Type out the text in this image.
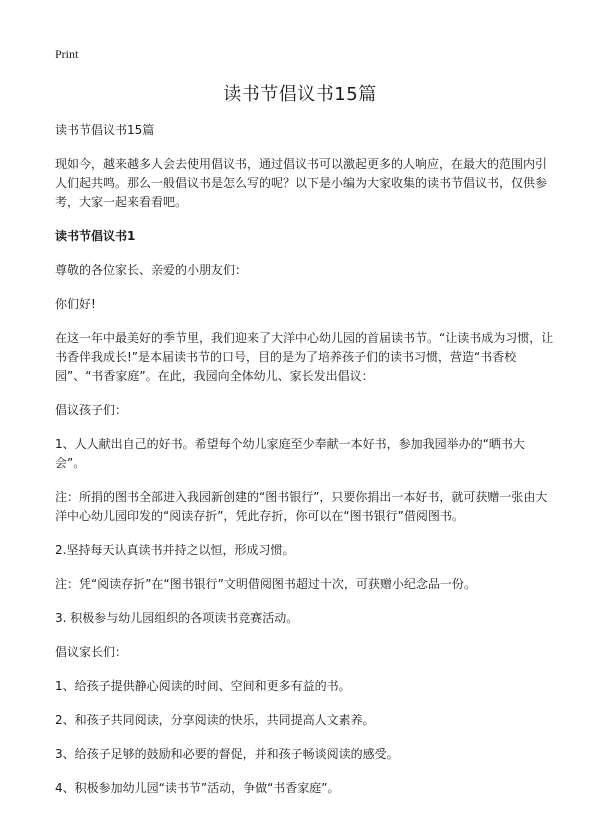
Print
读书节倡议书15篇

读书节倡议书15篇

现如今，越来越多人会去使用倡议书，通过倡议书可以激起更多的人响应，在最大的范围内引人们起共鸣。那么一般倡议书是怎么写的呢？以下是小编为大家收集的读书节倡议书，仅供参考，大家一起来看看吧。

读书节倡议书1

尊敬的各位家长、亲爱的小朋友们：

你们好!

在这一年中最美好的季节里，我们迎来了大洋中心幼儿园的首届读书节。“让读书成为习惯，让书香伴我成长!”是本届读书节的口号，目的是为了培养孩子们的读书习惯，营造“书香校园”、“书香家庭”。在此，我园向全体幼儿、家长发出倡议：

倡议孩子们：

1、人人献出自己的好书。希望每个幼儿家庭至少奉献一本好书，参加我园举办的“晒书大会”。

注：所捐的图书全部进入我园新创建的“图书银行”，只要你捐出一本好书，就可获赠一张由大洋中心幼儿园印发的“阅读存折”，凭此存折，你可以在“图书银行”借阅图书。

2.坚持每天认真读书并持之以恒，形成习惯。

注：凭“阅读存折”在“图书银行”文明借阅图书超过十次，可获赠小纪念品一份。

3. 积极参与幼儿园组织的各项读书竞赛活动。

倡议家长们：

1、给孩子提供静心阅读的时间、空间和更多有益的书。

2、和孩子共同阅读，分享阅读的快乐，共同提高人文素养。

3、给孩子足够的鼓励和必要的督促，并和孩子畅谈阅读的感受。

4、积极参加幼儿园“读书节”活动，争做“书香家庭”。
